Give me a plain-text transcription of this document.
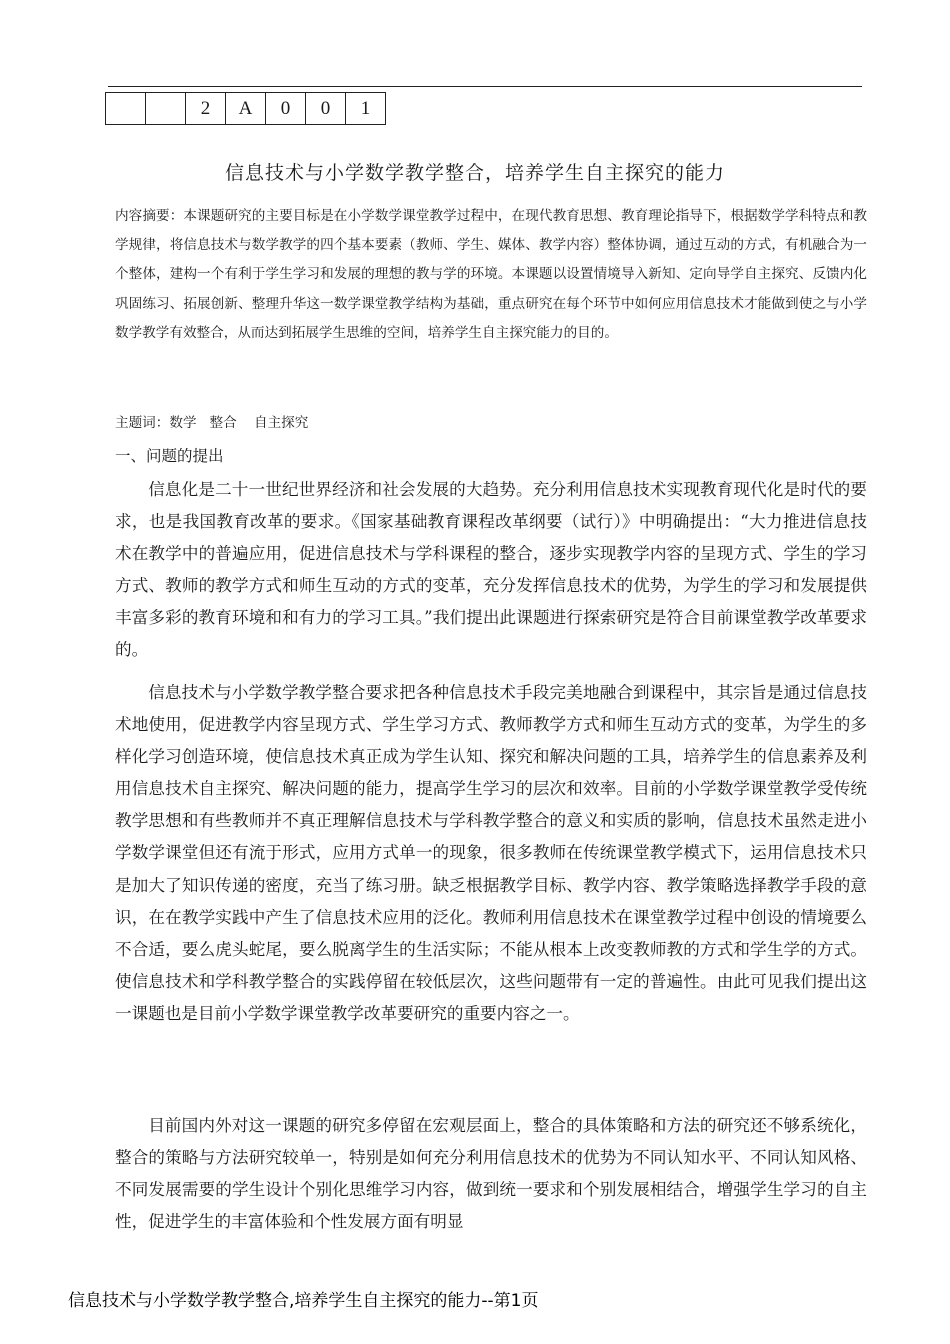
		2	A	0	0	1
信息技术与小学数学教学整合，培养学生自主探究的能力

内容摘要：本课题研究的主要目标是在小学数学课堂教学过程中，在现代教育思想、教育理论指导下，根据数学学科特点和教学规律，将信息技术与数学教学的四个基本要素（教师、学生、媒体、教学内容）整体协调，通过互动的方式，有机融合为一个整体，建构一个有利于学生学习和发展的理想的教与学的环境。本课题以设置情境导入新知、定向导学自主探究、反馈内化巩固练习、拓展创新、整理升华这一数学课堂教学结构为基础，重点研究在每个环节中如何应用信息技术才能做到使之与小学数学教学有效整合，从而达到拓展学生思维的空间，培养学生自主探究能力的目的。

主题词：数学   整合    自主探究

一、问题的提出

信息化是二十一世纪世界经济和社会发展的大趋势。充分利用信息技术实现教育现代化是时代的要求，也是我国教育改革的要求。《国家基础教育课程改革纲要（试行）》中明确提出：“大力推进信息技术在教学中的普遍应用，促进信息技术与学科课程的整合，逐步实现教学内容的呈现方式、学生的学习方式、教师的教学方式和师生互动的方式的变革，充分发挥信息技术的优势，为学生的学习和发展提供丰富多彩的教育环境和和有力的学习工具。”我们提出此课题进行探索研究是符合目前课堂教学改革要求的。

信息技术与小学数学教学整合要求把各种信息技术手段完美地融合到课程中，其宗旨是通过信息技术地使用，促进教学内容呈现方式、学生学习方式、教师教学方式和师生互动方式的变革，为学生的多样化学习创造环境，使信息技术真正成为学生认知、探究和解决问题的工具，培养学生的信息素养及利用信息技术自主探究、解决问题的能力，提高学生学习的层次和效率。目前的小学数学课堂教学受传统教学思想和有些教师并不真正理解信息技术与学科教学整合的意义和实质的影响，信息技术虽然走进小学数学课堂但还有流于形式，应用方式单一的现象，很多教师在传统课堂教学模式下，运用信息技术只是加大了知识传递的密度，充当了练习册。缺乏根据教学目标、教学内容、教学策略选择教学手段的意识，在在教学实践中产生了信息技术应用的泛化。教师利用信息技术在课堂教学过程中创设的情境要么不合适，要么虎头蛇尾，要么脱离学生的生活实际；不能从根本上改变教师教的方式和学生学的方式。使信息技术和学科教学整合的实践停留在较低层次，这些问题带有一定的普遍性。由此可见我们提出这一课题也是目前小学数学课堂教学改革要研究的重要内容之一。

目前国内外对这一课题的研究多停留在宏观层面上，整合的具体策略和方法的研究还不够系统化，整合的策略与方法研究较单一，特别是如何充分利用信息技术的优势为不同认知水平、不同认知风格、不同发展需要的学生设计个别化思维学习内容，做到统一要求和个别发展相结合，增强学生学习的自主性，促进学生的丰富体验和个性发展方面有明显

信息技术与小学数学教学整合,培养学生自主探究的能力--第1页
